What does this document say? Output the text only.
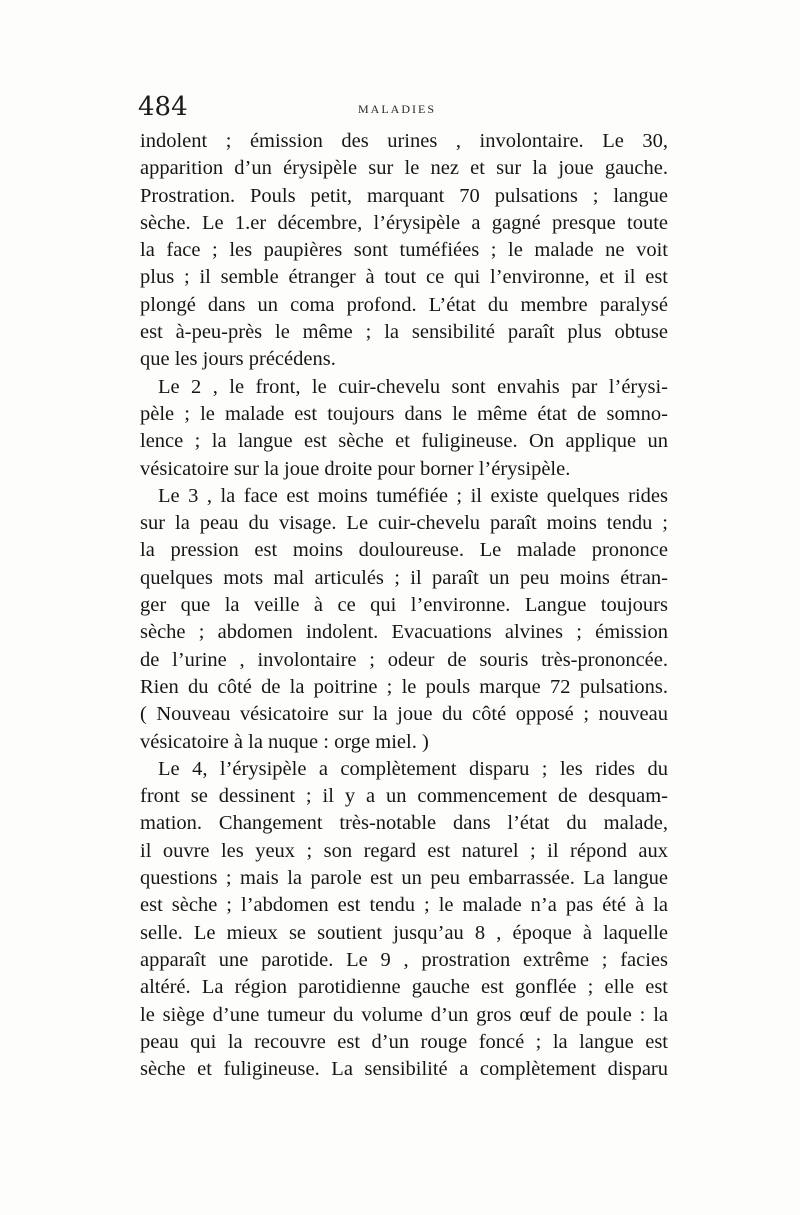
484	MALADIES
indolent ; émission des urines , involontaire. Le 30,
apparition d’un érysipèle sur le nez et sur la joue gauche.
Prostration. Pouls petit, marquant 70 pulsations ; langue
sèche. Le 1.er décembre, l’érysipèle a gagné presque toute
la face ; les paupières sont tuméfiées ; le malade ne voit
plus ; il semble étranger à tout ce qui l’environne, et il est
plongé dans un coma profond. L’état du membre paralysé
est à-peu-près le même ; la sensibilité paraît plus obtuse
que les jours précédens.
Le 2 , le front, le cuir-chevelu sont envahis par l’érysi-
pèle ; le malade est toujours dans le même état de somno-
lence ; la langue est sèche et fuligineuse. On applique un
vésicatoire sur la joue droite pour borner l’érysipèle.
Le 3 , la face est moins tuméfiée ; il existe quelques rides
sur la peau du visage. Le cuir-chevelu paraît moins tendu ;
la pression est moins douloureuse. Le malade prononce
quelques mots mal articulés ; il paraît un peu moins étran-
ger que la veille à ce qui l’environne. Langue toujours
sèche ; abdomen indolent. Evacuations alvines ; émission
de l’urine , involontaire ; odeur de souris très-prononcée.
Rien du côté de la poitrine ; le pouls marque 72 pulsations.
( Nouveau vésicatoire sur la joue du côté opposé ; nouveau
vésicatoire à la nuque : orge miel. )
Le 4, l’érysipèle a complètement disparu ; les rides du
front se dessinent ; il y a un commencement de desquam-
mation. Changement très-notable dans l’état du malade,
il ouvre les yeux ; son regard est naturel ; il répond aux
questions ; mais la parole est un peu embarrassée. La langue
est sèche ; l’abdomen est tendu ; le malade n’a pas été à la
selle. Le mieux se soutient jusqu’au 8 , époque à laquelle
apparaît une parotide. Le 9 , prostration extrême ; facies
altéré. La région parotidienne gauche est gonflée ; elle est
le siège d’une tumeur du volume d’un gros œuf de poule : la
peau qui la recouvre est d’un rouge foncé ; la langue est
sèche et fuligineuse. La sensibilité a complètement disparu
